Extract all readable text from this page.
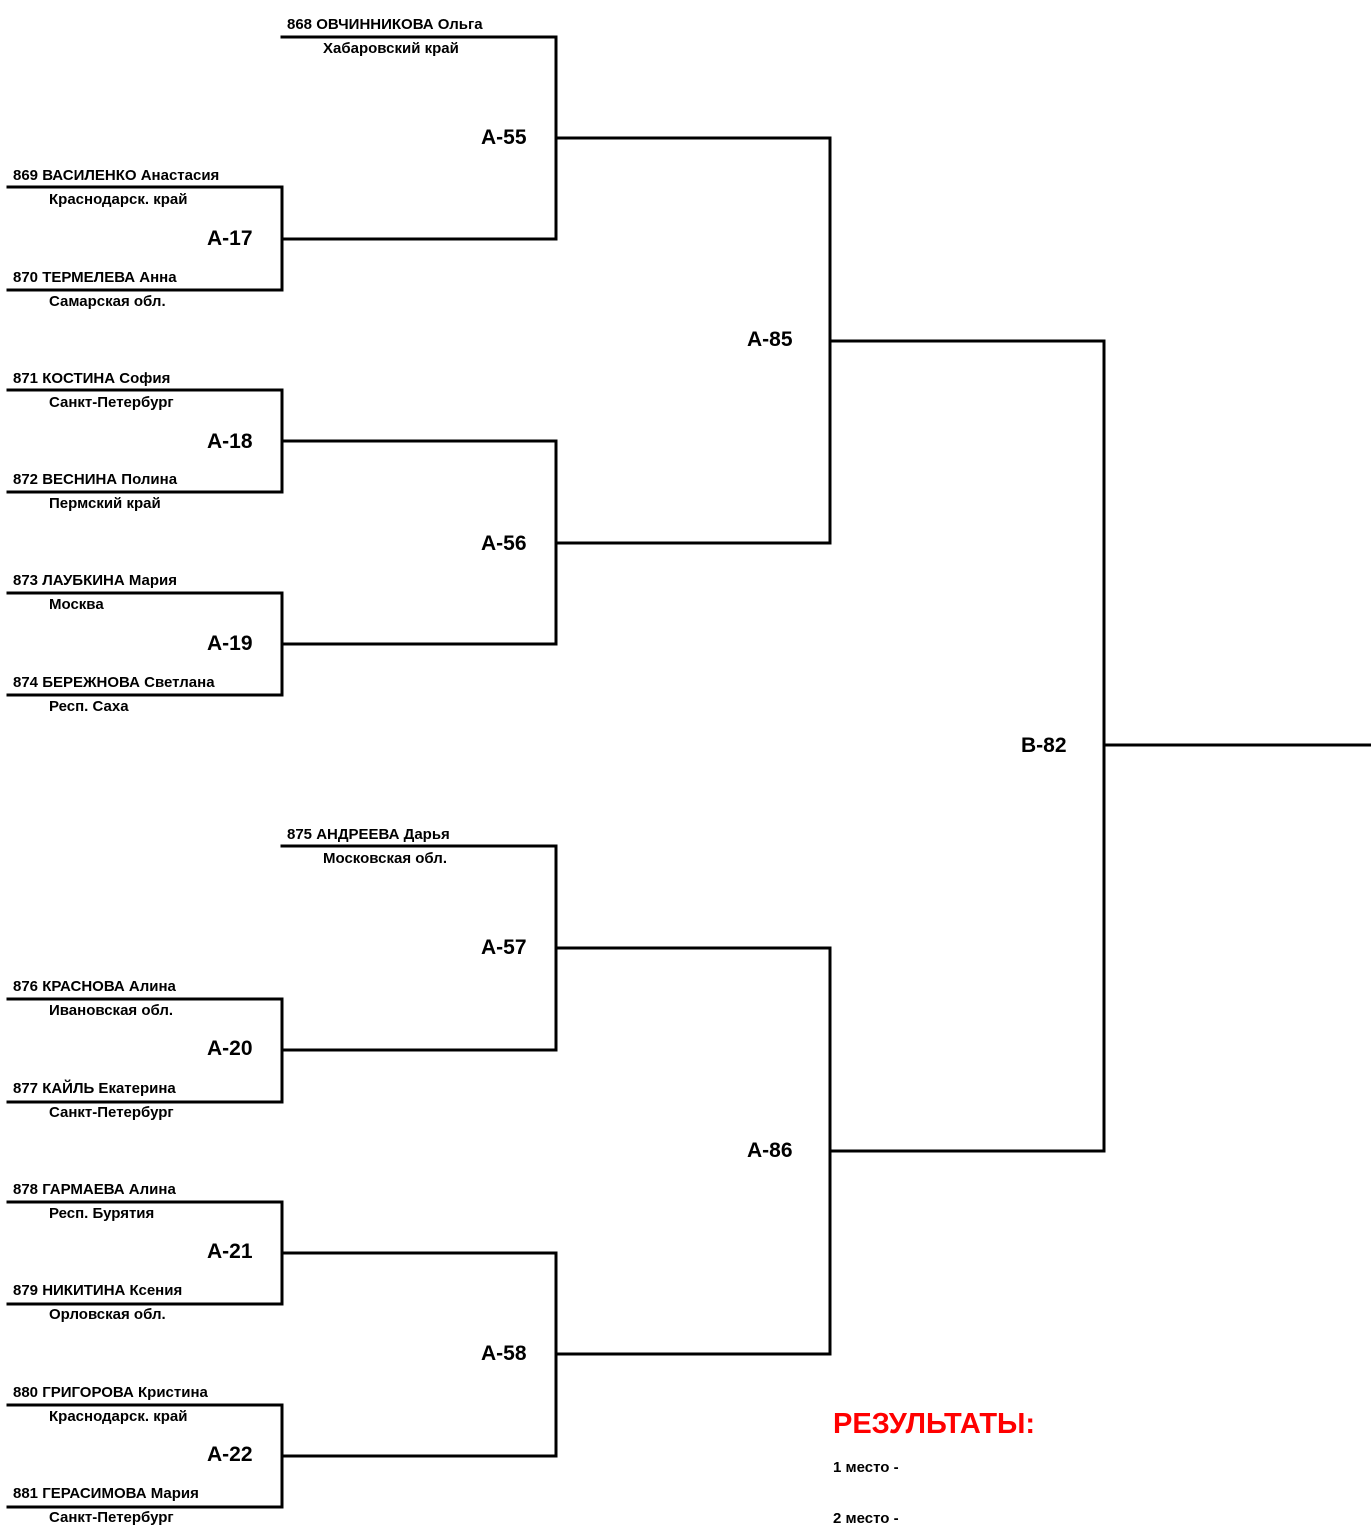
868 ОВЧИННИКОВА Ольга
Хабаровский край
869 ВАСИЛЕНКО Анастасия
Краснодарск. край
870 ТЕРМЕЛЕВА Анна
Самарская обл.
871 КОСТИНА София
Санкт-Петербург
872 ВЕСНИНА Полина
Пермский край
873 ЛАУБКИНА Мария
Москва
874 БЕРЕЖНОВА Светлана
Респ. Саха
875 АНДРЕЕВА Дарья
Московская обл.
876 КРАСНОВА Алина
Ивановская обл.
877 КАЙЛЬ Екатерина
Санкт-Петербург
878 ГАРМАЕВА Алина
Респ. Бурятия
879 НИКИТИНА Ксения
Орловская обл.
880 ГРИГОРОВА Кристина
Краснодарск. край
881 ГЕРАСИМОВА Мария
Санкт-Петербург
А-55
А-17
А-85
А-18
А-56
А-19
В-82
А-57
А-20
А-86
А-21
А-58
А-22
РЕЗУЛЬТАТЫ:
1 место -
2 место -
